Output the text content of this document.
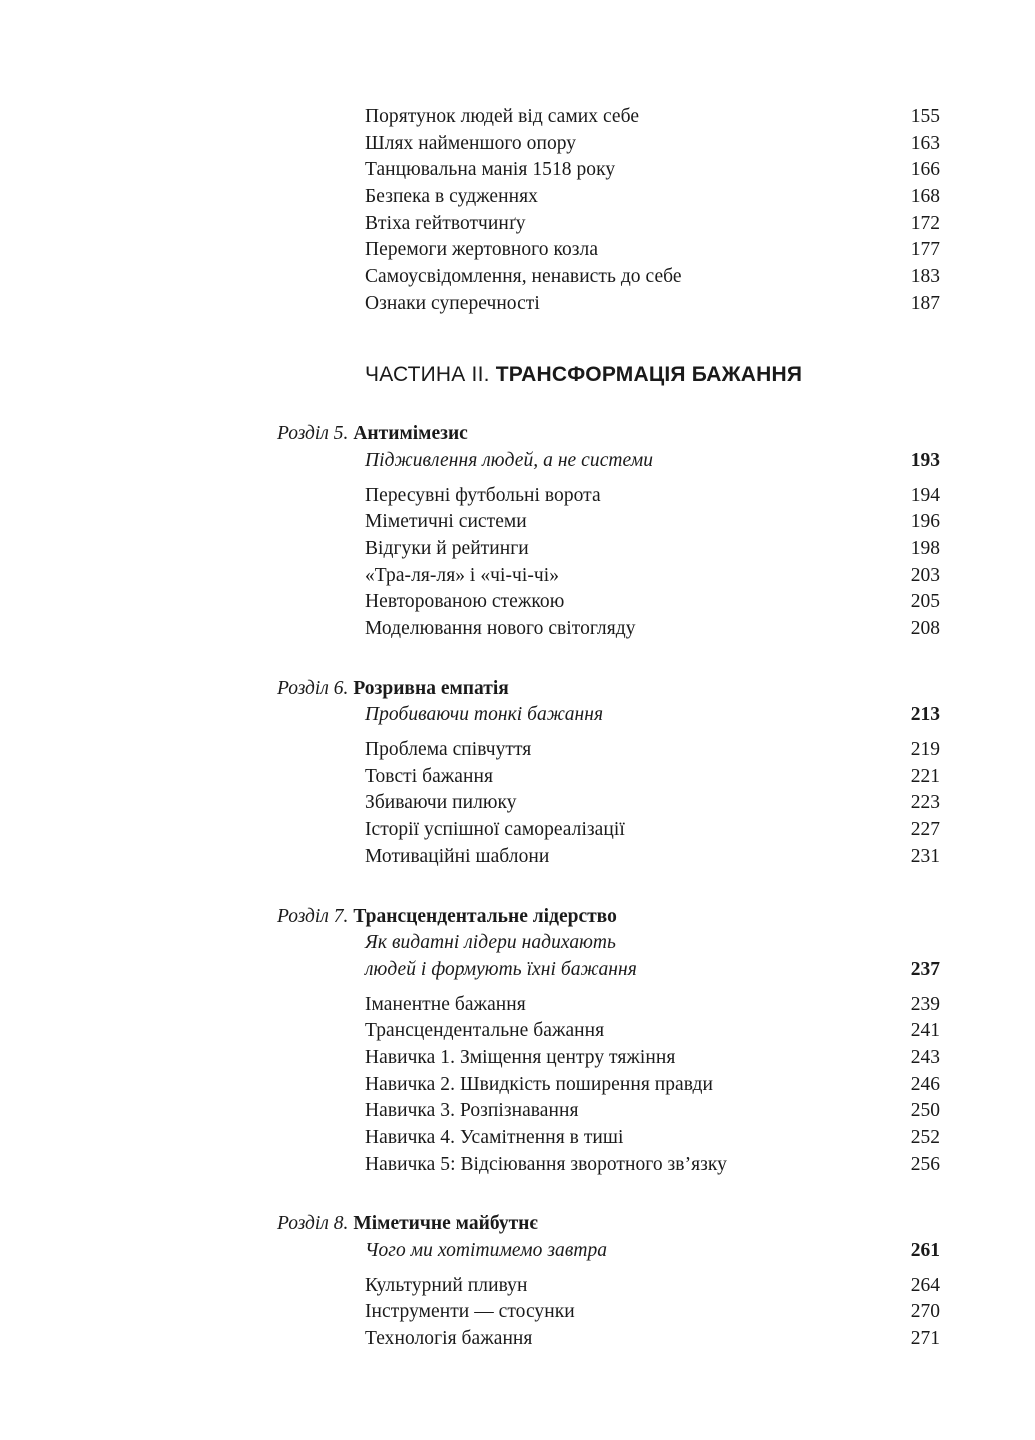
Порятунок людей від самих себе	155
Шлях найменшого опору	163
Танцювальна манія 1518 року	166
Безпека в судженнях	168
Втіха гейтвотчинґу	172
Перемоги жертовного козла	177
Самоусвідомлення, ненависть до себе	183
Ознаки суперечності	187
ЧАСТИНА II. ТРАНСФОРМАЦІЯ БАЖАННЯ
Розділ 5. Антимімезис
Підживлення людей, а не системи	193
Пересувні футбольні ворота	194
Міметичні системи	196
Відгуки й рейтинги	198
«Тра-ля-ля» і «чі-чі-чі»	203
Невторованою стежкою	205
Моделювання нового світогляду	208
Розділ 6. Розривна емпатія
Пробиваючи тонкі бажання	213
Проблема співчуття	219
Товсті бажання	221
Збиваючи пилюку	223
Історії успішної самореалізації	227
Мотиваційні шаблони	231
Розділ 7. Трансцендентальне лідерство
Як видатні лідери надихають
людей і формують їхні бажання	237
Іманентне бажання	239
Трансцендентальне бажання	241
Навичка 1. Зміщення центру тяжіння	243
Навичка 2. Швидкість поширення правди	246
Навичка 3. Розпізнавання	250
Навичка 4. Усамітнення в тиші	252
Навичка 5: Відсіювання зворотного зв’язку	256
Розділ 8. Міметичне майбутнє
Чого ми хотітимемо завтра	261
Культурний пливун	264
Інструменти — стосунки	270
Технологія бажання	271
